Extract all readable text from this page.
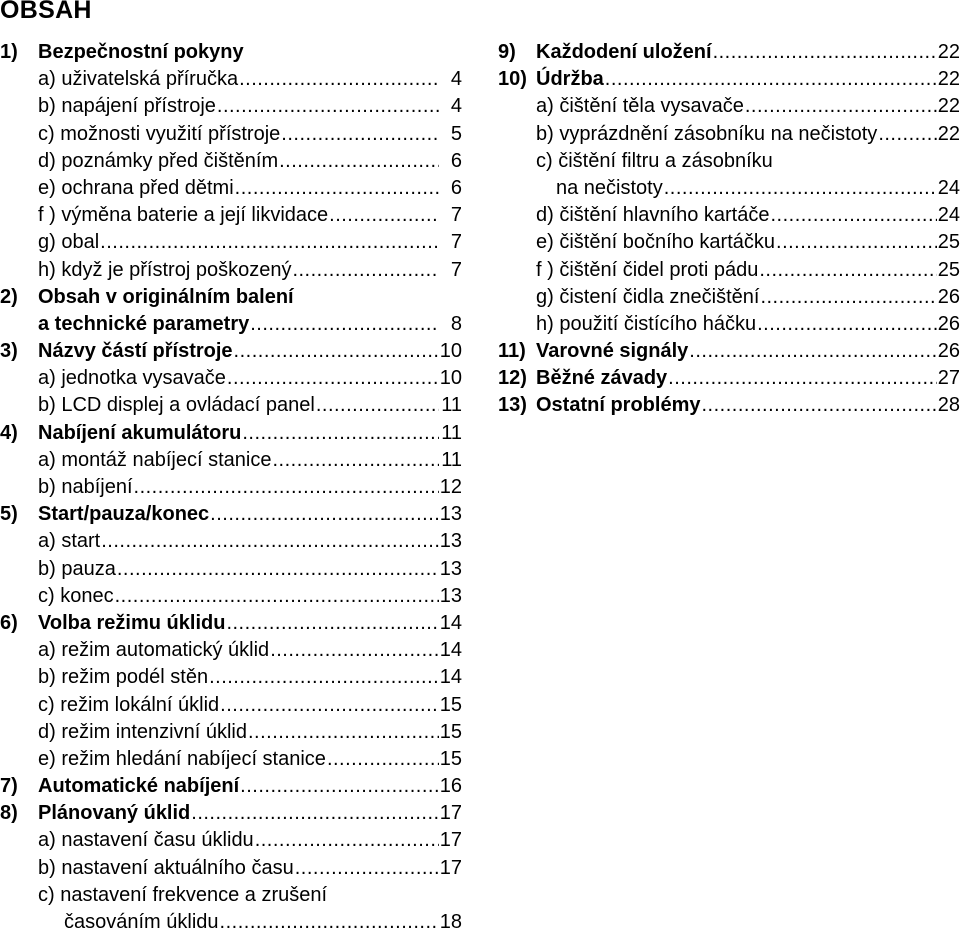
OBSAH
1) Bezpečnostní pokyny
a) uživatelská příručka .....	4
b) napájení přístroje .....	4
c) možnosti využití přístroje .....	5
d) poznámky před čištěním .....	6
e) ochrana před dětmi .....	6
f ) výměna baterie a její likvidace .....	7
g) obal .....	7
h) když je přístroj poškozený .....	7
2) Obsah v originálním balení
a technické parametry .....	8
3)	Názvy částí přístroje .....	10
a) jednotka vysavače .....	10
b) LCD displej a ovládací panel .....	11
4)	Nabíjení akumulátoru .....	11
a) montáž nabíjecí stanice .....	11
b) nabíjení .....	12
5)	Start/pauza/konec .....	13
a) start .....	13
b) pauza .....	13
c) konec .....	13
6)	Volba režimu úklidu .....	14
a) režim automatický úklid .....	14
b) režim podél stěn .....	14
c) režim lokální úklid .....	15
d) režim intenzivní úklid .....	15
e) režim hledání nabíjecí stanice .....	15
7)	Automatické nabíjení .....	16
8)	Plánovaný úklid .....	17
a) nastavení času úklidu .....	17
b) nastavení aktuálního času .....	17
c) nastavení frekvence a zrušení
časováním úklidu .....	18
9)	Každodení uložení .....	22
10) Údržba .....	22
a) čištění těla vysavače .....	22
b) vyprázdnění zásobníku na nečistoty .....	22
c) čištění filtru a zásobníku
na nečistoty .....	24
d) čištění hlavního kartáče .....	24
e) čištění bočního kartáčku .....	25
f ) čištění čidel proti pádu .....	25
g) čistení čidla znečištění .....	26
h) použití čistícího háčku .....	26
11) Varovné signály .....	26
12) Běžné závady .....	27
13) Ostatní problém y .....	28
